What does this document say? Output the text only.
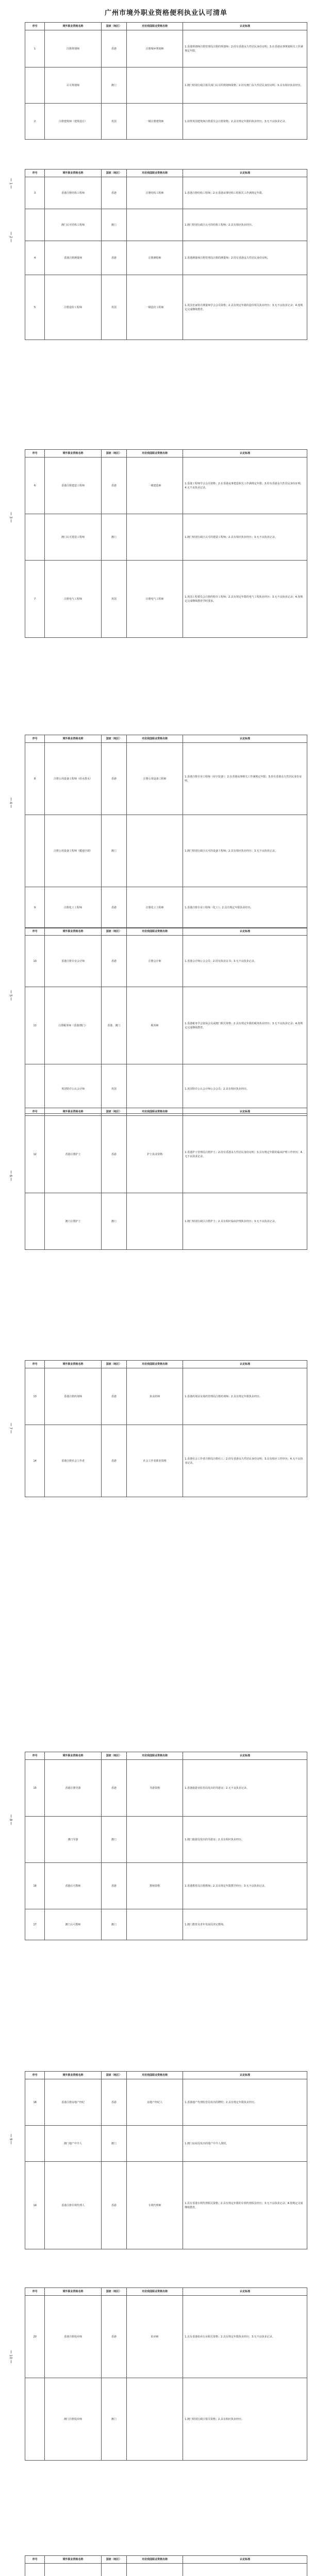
广州市境外职业资格便利执业认可清单
序号	境外职业资格名称	国家（地区）	对应我国职业资格名称	认定标准
1	注册规划师	香港	注册城乡规划师	1.香港规划师注册管理局注册的规划师；2.持有香港永久性居民身份证明；3.在香港从事规划相关工作满规定年限。
	认可规划师	澳门		1.澳门特别行政区相关部门认可的规划师资格；2.持有澳门永久性居民身份证明；3.具有相应执业经历。
2	注册建筑师（建筑设计）	英国	一级注册建筑师	1.获得英国建筑师注册委员会注册资格；2.具有规定年限的执业经历；3.无不良执业记录。
1
序号	境外职业资格名称	国家（地区）	对应我国职业资格名称	认定标准
3	香港注册结构工程师	香港	注册结构工程师	1.香港注册结构工程师；2.在香港从事结构工程相关工作满规定年限。
	澳门认可结构工程师	澳门		1.澳门特别行政区认可的结构工程师；2.具有相应执业经历。
4	香港注册测量师	香港	注册测绘师	1.香港测量师注册管理局注册的测量师；2.持有香港永久性居民身份证明。
5	注册造价工程师	英国	一级造价工程师	1.英国皇家特许测量师学会会员资格；2.具有规定年限的造价相关执业经历；3.无不良执业记录；4.按规定完成继续教育。
2
序号	境外职业资格名称	国家（地区）	对应我国职业资格名称	认定标准
6	香港注册建造工程师	香港	一级建造师	1.香港工程师学会会员资格；2.在香港从事建造相关工作满规定年限；3.持有香港永久性居民身份证明；4.无不良执业记录。
	澳门认可建造工程师	澳门		1.澳门特别行政区认可的建造工程师；2.具有相应执业经历；3.无不良执业记录。
7	注册电气工程师	英国	注册电气工程师	1.英国工程委员会注册的特许工程师；2.具有规定年限的电气工程执业经历；3.无不良执业记录；4.按规定完成继续教育学时要求。
3
序号	境外职业资格名称	国家（地区）	对应我国职业资格名称	认定标准
8	注册公用设备工程师（给水排水）	香港	注册公用设备工程师	1.香港注册专业工程师（屋宇装备）；2.在香港从事相关工作满规定年限；3.持有香港永久性居民身份证明。
	注册公用设备工程师（暖通空调）	澳门		1.澳门特别行政区认可的设备工程师；2.具有相应执业经历；3.无不良执业记录。
9	注册化工工程师	香港	注册化工工程师	1.香港注册专业工程师（化工）；2.具有规定年限执业经历。
4
序号	境外职业资格名称	国家（地区）	对应我国职业资格名称	认定标准
10	香港注册专业会计师	香港	注册会计师	1.香港会计师公会会员；2.持有执业证书；3.无不良执业记录。
11	注册税务师（香港/澳门）	香港、澳门	税务师	1.香港税务学会资深会员或澳门相关资格；2.具有规定年限的税务执业经历；3.无不良执业记录；4.按规定完成继续教育。
	英国特许公认会计师	英国		1.英国特许公认会计师公会会员；2.具有相应执业经历。
5
序号	境外职业资格名称	国家（地区）	对应我国职业资格名称	认定标准
12	香港注册护士	香港	护士执业资格	1.香港护士管理局注册护士；2.持有香港永久性居民身份证明；3.具有规定年限的临床护理工作经历；4.无不良执业记录。
	澳门注册护士	澳门		1.澳门特别行政区注册护士；2.具有相应临床护理执业经历；3.无不良执业记录。
6
序号	境外职业资格名称	国家（地区）	对应我国职业资格名称	认定标准
13	香港注册药剂师	香港	执业药师	1.香港药剂业及毒药管理局注册药剂师；2.具有规定年限执业经历。
14	香港注册社会工作者	香港	社会工作者职业资格	1.香港社会工作者注册局注册社工；2.持有香港永久性居民身份证明；3.具有相应工作经历；4.无不良执业记录。
7
序号	境外职业资格名称	国家（地区）	对应我国职业资格名称	认定标准
15	香港注册导游	香港	导游资格	1.香港旅游业监管局发出的导游证；2.无不良执业记录。
	澳门导游	澳门		1.澳门旅游局发出的导游证；2.具有相应执业经历。
16	香港认可教师	香港	教师资格	1.香港教育局注册教师；2.具有规定年限教学经历；3.无不良执业记录。
17	澳门认可教师	澳门		1.澳门教育及青年发展局登记教师。
8
序号	境外职业资格名称	国家（地区）	对应我国职业资格名称	认定标准
18	香港注册房地产经纪	香港	房地产经纪人	1.香港地产代理监管局发出的牌照；2.具有规定年限执业经历。
	澳门地产中介人	澳门		1.澳门房屋局发出的地产中介人准照。
19	香港注册专利代理人	香港	专利代理师	1.具有香港专利代理相关资格；2.具有规定年限的专利代理执业经历；3.无不良执业记录；4.按规定完成继续教育。
9
序号	境外职业资格名称	国家（地区）	对应我国职业资格名称	认定标准
20	香港注册拍卖师	香港	拍卖师	1.具有香港拍卖行业相关资格；2.具有规定年限执业经历；3.无不良执业记录。
	澳门注册拍卖师	澳门		1.澳门特别行政区相关资格；2.具有相应执业经历。
10
序号	境外职业资格名称	国家（地区）	对应我国职业资格名称	认定标准
